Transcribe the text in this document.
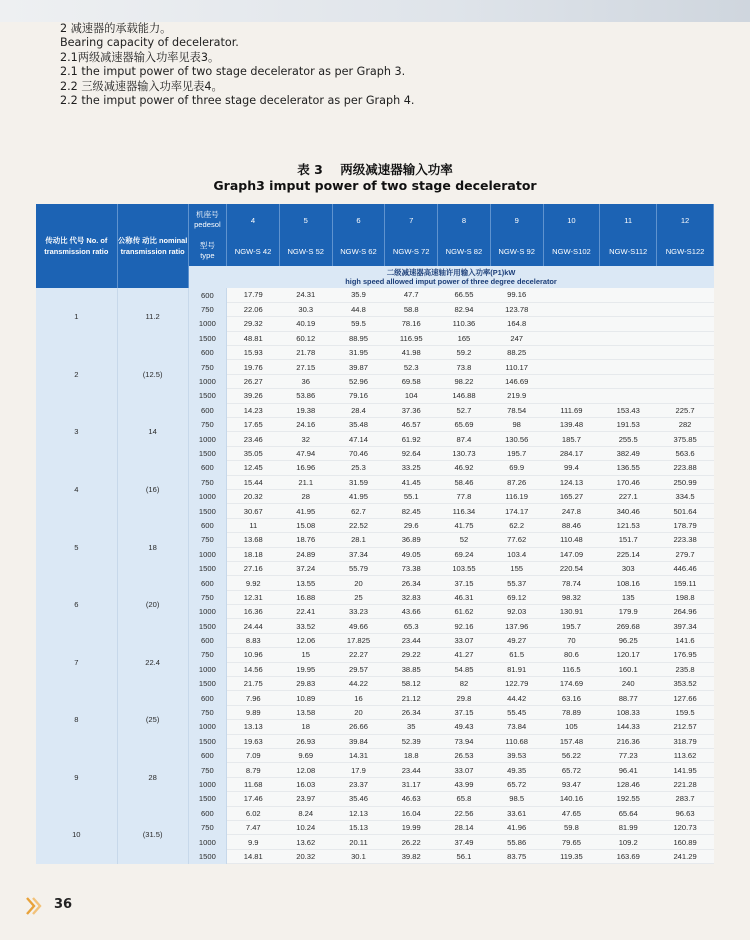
2 减速器的承载能力。
Bearing capacity of decelerator.
2.1两级减速器输入功率见表3。
2.1 the imput power of two stage decelerator as per Graph 3.
2.2 三级减速器输入功率见表4。
2.2 the imput power of three stage decelerator as per Graph 4.
表 3    两级减速器输入功率
Graph3 imput power of two stage decelerator
传动比 代号 No. of transmission ratio	公称传 动比 nominal transmission ratio	机座号
pedesol	4	5	6	7	8	9	10	11	12
		型号
type	NGW-S 42	NGW-S 52	NGW-S 62	NGW-S 72	NGW-S 82	NGW-S 92	NGW-S102	NGW-S112	NGW-S122

		二级减速器高速轴许用输入功率(P1)kW
high speed allowed imput power of three degree decelerator									

1	11.2	600	17.79	24.31	35.9	47.7	66.55	99.16			
		750	22.06	30.3	44.8	58.8	82.94	123.78			
		1000	29.32	40.19	59.5	78.16	110.36	164.8			
		1500	48.81	60.12	88.95	116.95	165	247			
2	(12.5)	600	15.93	21.78	31.95	41.98	59.2	88.25			
		750	19.76	27.15	39.87	52.3	73.8	110.17			
		1000	26.27	36	52.96	69.58	98.22	146.69			
		1500	39.26	53.86	79.16	104	146.88	219.9			
3	14	600	14.23	19.38	28.4	37.36	52.7	78.54	111.69	153.43	225.7
		750	17.65	24.16	35.48	46.57	65.69	98	139.48	191.53	282
		1000	23.46	32	47.14	61.92	87.4	130.56	185.7	255.5	375.85
		1500	35.05	47.94	70.46	92.64	130.73	195.7	284.17	382.49	563.6
4	(16)	600	12.45	16.96	25.3	33.25	46.92	69.9	99.4	136.55	223.88
		750	15.44	21.1	31.59	41.45	58.46	87.26	124.13	170.46	250.99
		1000	20.32	28	41.95	55.1	77.8	116.19	165.27	227.1	334.5
		1500	30.67	41.95	62.7	82.45	116.34	174.17	247.8	340.46	501.64
5	18	600	11	15.08	22.52	29.6	41.75	62.2	88.46	121.53	178.79
		750	13.68	18.76	28.1	36.89	52	77.62	110.48	151.7	223.38
		1000	18.18	24.89	37.34	49.05	69.24	103.4	147.09	225.14	279.7
		1500	27.16	37.24	55.79	73.38	103.55	155	220.54	303	446.46
6	(20)	600	9.92	13.55	20	26.34	37.15	55.37	78.74	108.16	159.11
		750	12.31	16.88	25	32.83	46.31	69.12	98.32	135	198.8
		1000	16.36	22.41	33.23	43.66	61.62	92.03	130.91	179.9	264.96
		1500	24.44	33.52	49.66	65.3	92.16	137.96	195.7	269.68	397.34
7	22.4	600	8.83	12.06	17.825	23.44	33.07	49.27	70	96.25	141.6
		750	10.96	15	22.27	29.22	41.27	61.5	80.6	120.17	176.95
		1000	14.56	19.95	29.57	38.85	54.85	81.91	116.5	160.1	235.8
		1500	21.75	29.83	44.22	58.12	82	122.79	174.69	240	353.52
8	(25)	600	7.96	10.89	16	21.12	29.8	44.42	63.16	88.77	127.66
		750	9.89	13.58	20	26.34	37.15	55.45	78.89	108.33	159.5
		1000	13.13	18	26.66	35	49.43	73.84	105	144.33	212.57
		1500	19.63	26.93	39.84	52.39	73.94	110.68	157.48	216.36	318.79
9	28	600	7.09	9.69	14.31	18.8	26.53	39.53	56.22	77.23	113.62
		750	8.79	12.08	17.9	23.44	33.07	49.35	65.72	96.41	141.95
		1000	11.68	16.03	23.37	31.17	43.99	65.72	93.47	128.46	221.28
		1500	17.46	23.97	35.46	46.63	65.8	98.5	140.16	192.55	283.7
10	(31.5)	600	6.02	8.24	12.13	16.04	22.56	33.61	47.65	65.64	96.63
		750	7.47	10.24	15.13	19.99	28.14	41.96	59.8	81.99	120.73
		1000	9.9	13.62	20.11	26.22	37.49	55.86	79.65	109.2	160.89
		1500	14.81	20.32	30.1	39.82	56.1	83.75	119.35	163.69	241.29
36
